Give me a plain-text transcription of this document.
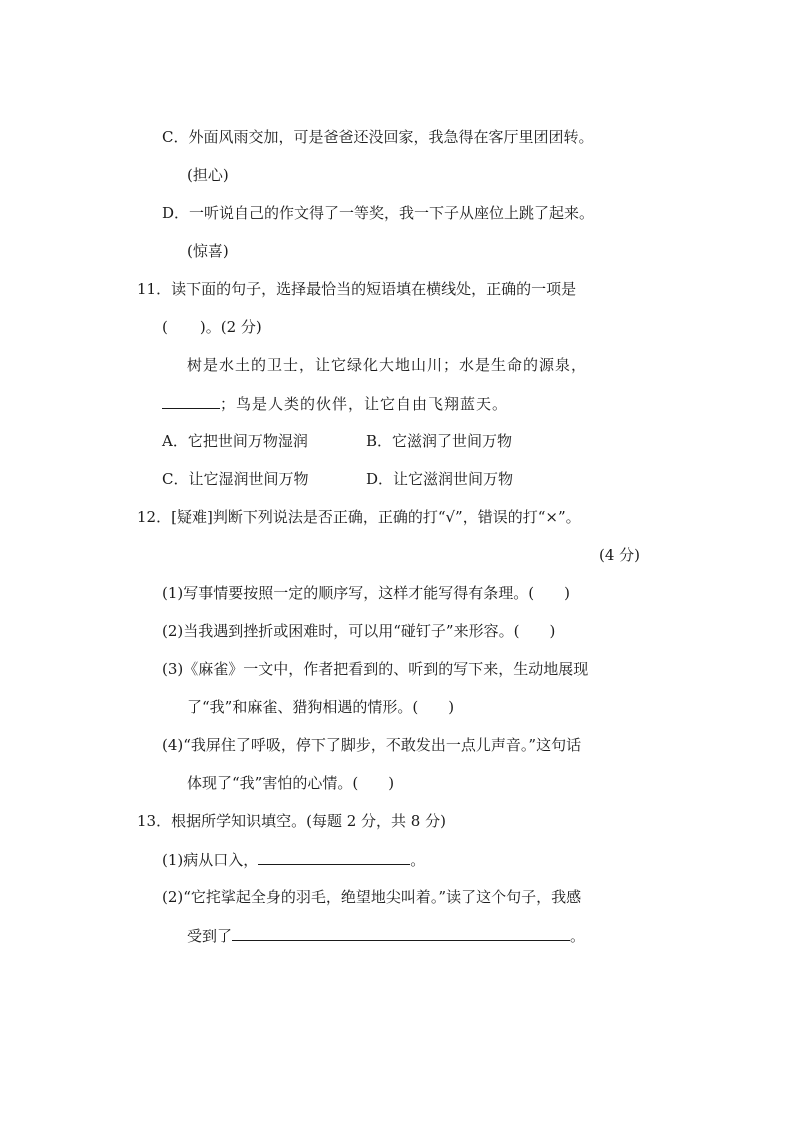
C．外面风雨交加，可是爸爸还没回家，我急得在客厅里团团转。
(担心)
D．一听说自己的作文得了一等奖，我一下子从座位上跳了起来。
(惊喜)
11．读下面的句子，选择最恰当的短语填在横线处，正确的一项是
( )。(2 分)
树是水土的卫士，让它绿化大地山川；水是生命的源泉，
；鸟是人类的伙伴，让它自由飞翔蓝天。
A．它把世间万物湿润	B．它滋润了世间万物
C．让它湿润世间万物	D．让它滋润世间万物
12．[疑难]判断下列说法是否正确，正确的打“√”，错误的打“×”。
(4 分)
(1)写事情要按照一定的顺序写，这样才能写得有条理。( )
(2)当我遇到挫折或困难时，可以用“碰钉子”来形容。( )
(3)《麻雀》一文中，作者把看到的、听到的写下来，生动地展现
了“我”和麻雀、猎狗相遇的情形。( )
(4)“我屏住了呼吸，停下了脚步，不敢发出一点儿声音。”这句话
体现了“我”害怕的心情。( )
13．根据所学知识填空。(每题 2 分，共 8 分)
(1)病从口入，	。
(2)“它挓挲起全身的羽毛，绝望地尖叫着。”读了这个句子，我感
受到了	。
